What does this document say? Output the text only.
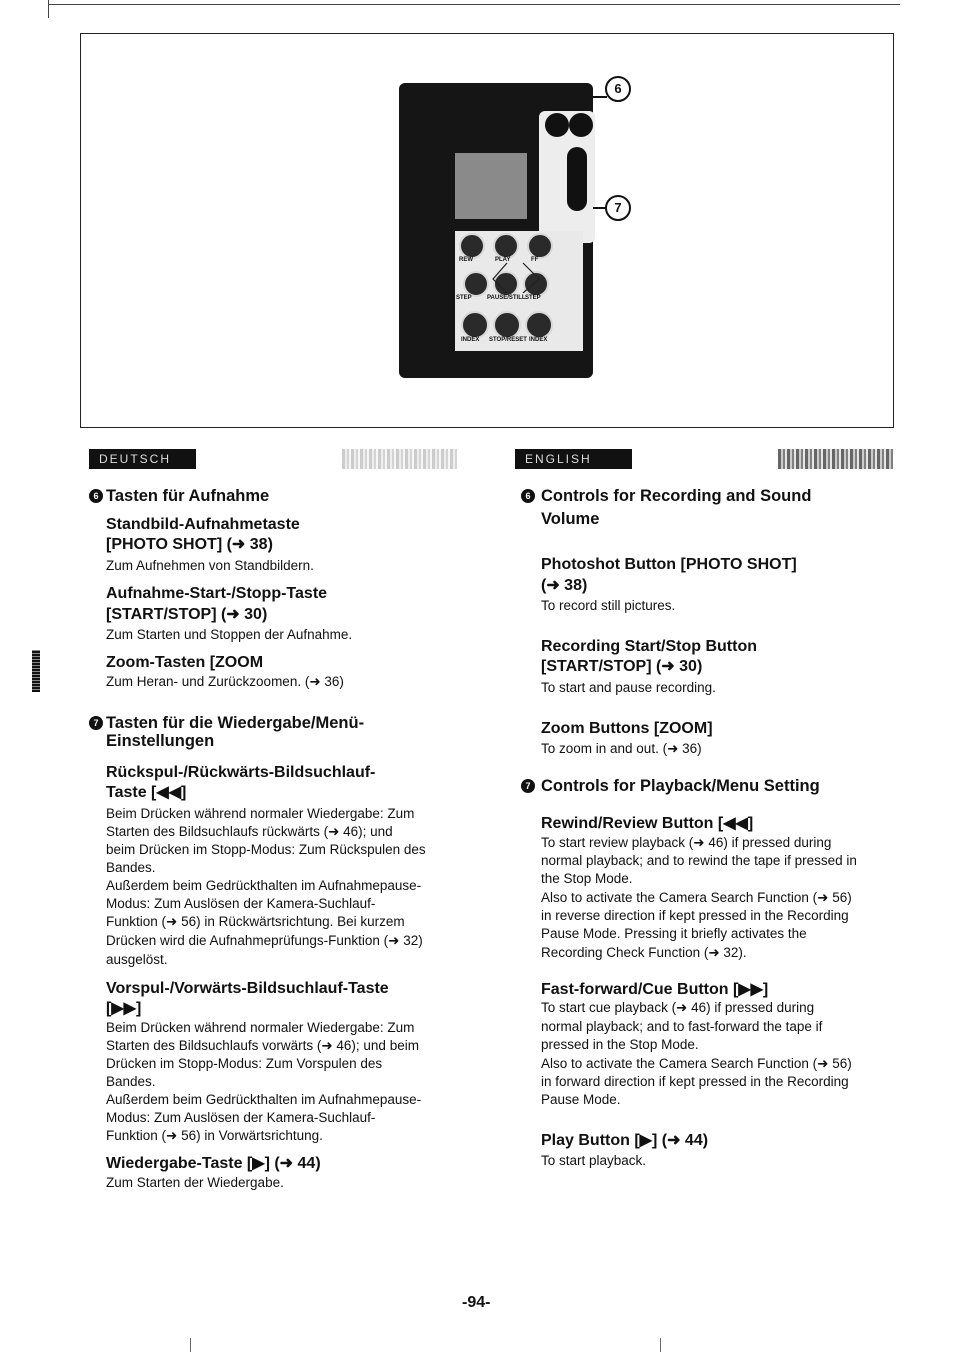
REW	PLAY	FF
STEP	PAUSE/STILL STEP
INDEX STOP/RESET INDEX
6
7
DEUTSCH	ENGLISH
6 Tasten für Aufnahme
Standbild-Aufnahmetaste
[PHOTO SHOT] (➜ 38)
Zum Aufnehmen von Standbildern.
Aufnahme-Start-/Stopp-Taste
[START/STOP] (➜ 30)
Zum Starten und Stoppen der Aufnahme.
Zoom-Tasten [ZOOM
Zum Heran- und Zurückzoomen. (➜ 36)
7 Tasten für die Wiedergabe/Menü-
Einstellungen
Rückspul-/Rückwärts-Bildsuchlauf-
Taste [◀◀]
Beim Drücken während normaler Wiedergabe: Zum
Starten des Bildsuchlaufs rückwärts (➜ 46); und
beim Drücken im Stopp-Modus: Zum Rückspulen des
Bandes.
Außerdem beim Gedrückthalten im Aufnahmepause-
Modus: Zum Auslösen der Kamera-Suchlauf-
Funktion (➜ 56) in Rückwärtsrichtung. Bei kurzem
Drücken wird die Aufnahmeprüfungs-Funktion (➜ 32)
ausgelöst.
Vorspul-/Vorwärts-Bildsuchlauf-Taste
[▶▶]
Beim Drücken während normaler Wiedergabe: Zum
Starten des Bildsuchlaufs vorwärts (➜ 46); und beim
Drücken im Stopp-Modus: Zum Vorspulen des
Bandes.
Außerdem beim Gedrückthalten im Aufnahmepause-
Modus: Zum Auslösen der Kamera-Suchlauf-
Funktion (➜ 56) in Vorwärtsrichtung.
Wiedergabe-Taste [▶] (➜ 44)
Zum Starten der Wiedergabe.
6 Controls for Recording and Sound
Volume
Photoshot Button [PHOTO SHOT]
(➜ 38)
To record still pictures.
Recording Start/Stop Button
[START/STOP] (➜ 30)
To start and pause recording.
Zoom Buttons [ZOOM]
To zoom in and out. (➜ 36)
7 Controls for Playback/Menu Setting
Rewind/Review Button [◀◀]
To start review playback (➜ 46) if pressed during
normal playback; and to rewind the tape if pressed in
the Stop Mode.
Also to activate the Camera Search Function (➜ 56)
in reverse direction if kept pressed in the Recording
Pause Mode. Pressing it briefly activates the
Recording Check Function (➜ 32).
Fast-forward/Cue Button [▶▶]
To start cue playback (➜ 46) if pressed during
normal playback; and to fast-forward the tape if
pressed in the Stop Mode.
Also to activate the Camera Search Function (➜ 56)
in forward direction if kept pressed in the Recording
Pause Mode.
Play Button [▶] (➜ 44)
To start playback.
-94-
